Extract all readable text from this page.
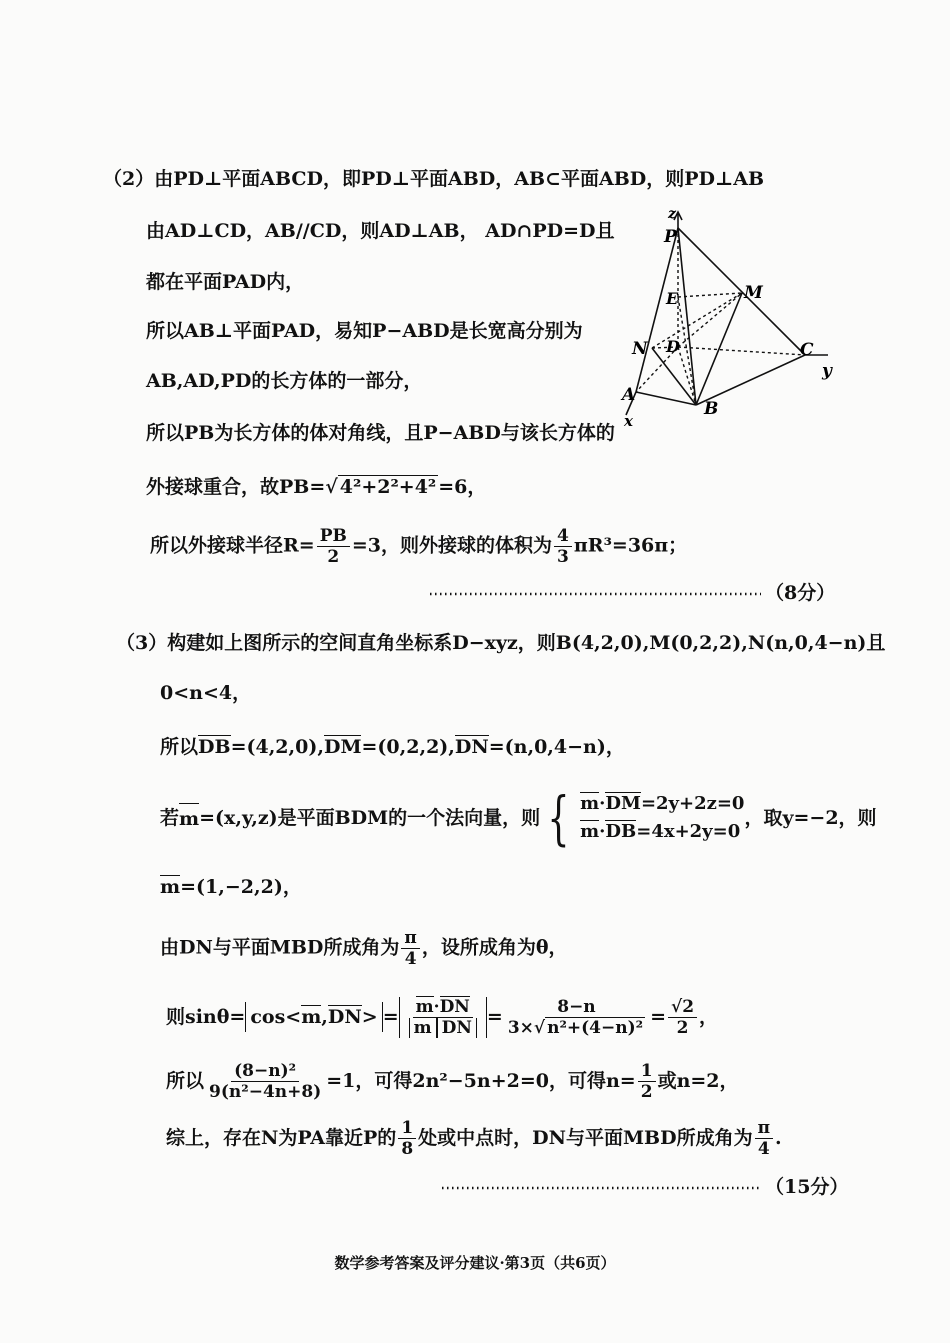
（2）由PD⊥平面ABCD，即PD⊥平面ABD，AB⊂平面ABD，则PD⊥AB
由AD⊥CD，AB//CD，则AD⊥AB， AD∩PD=D且
都在平面PAD内，
所以AB⊥平面PAD，易知P−ABD是长宽高分别为
AB,AD,PD的长方体的一部分，
所以PB为长方体的体对角线，且P−ABD与该长方体的
外接球重合，故PB=√ 4²+2²+4² =6，
所以外接球半径$R= \frac{PB}{2} =3$，则外接球的体积为 $\frac{4}{3} \pi R^3=36\pi$；
（8分）
z
P
E	M
N D	C
y
A
B
x
（3）构建如上图所示的空间直角坐标系D−xyz，则B(4,2,0),M(0,2,2),N(n,0,4−n)且
0<n<4，
所以DB=(4,2,0),DM=(0,2,2),DN=(n,0,4−n)，
若 m =(x,y,z)是平面BDM的一个法向量，则 { m·DM=2y+2z=0
m·DB=4x+2y=0
，取y=−2，则
m=(1,−2,2)，
由DN与平面MBD所成角为 $\frac{\pi}{4}$ ，设所成角为θ，
则$\sin\theta= \cos<m,DN> = \frac{m\cdot DN}{\text{m DN}} = \frac{8-n}{\text{3×√ n²+(4−n)²}} = \frac{√2}{2}$ ，
所以 $\frac{\text{(8−n)²}}{\text{9(n²−4n+8)}} =1$，可得2n²−5n+2=0，可得$n= \frac{1}{2}$ 或n=2，
综上，存在N为PA靠近P的 $\frac{1}{8}$ 处或中点时，DN与平面MBD所成角为 $\frac{\pi}{4}$ .
（15分）
数学参考答案及评分建议·第3页（共6页）
